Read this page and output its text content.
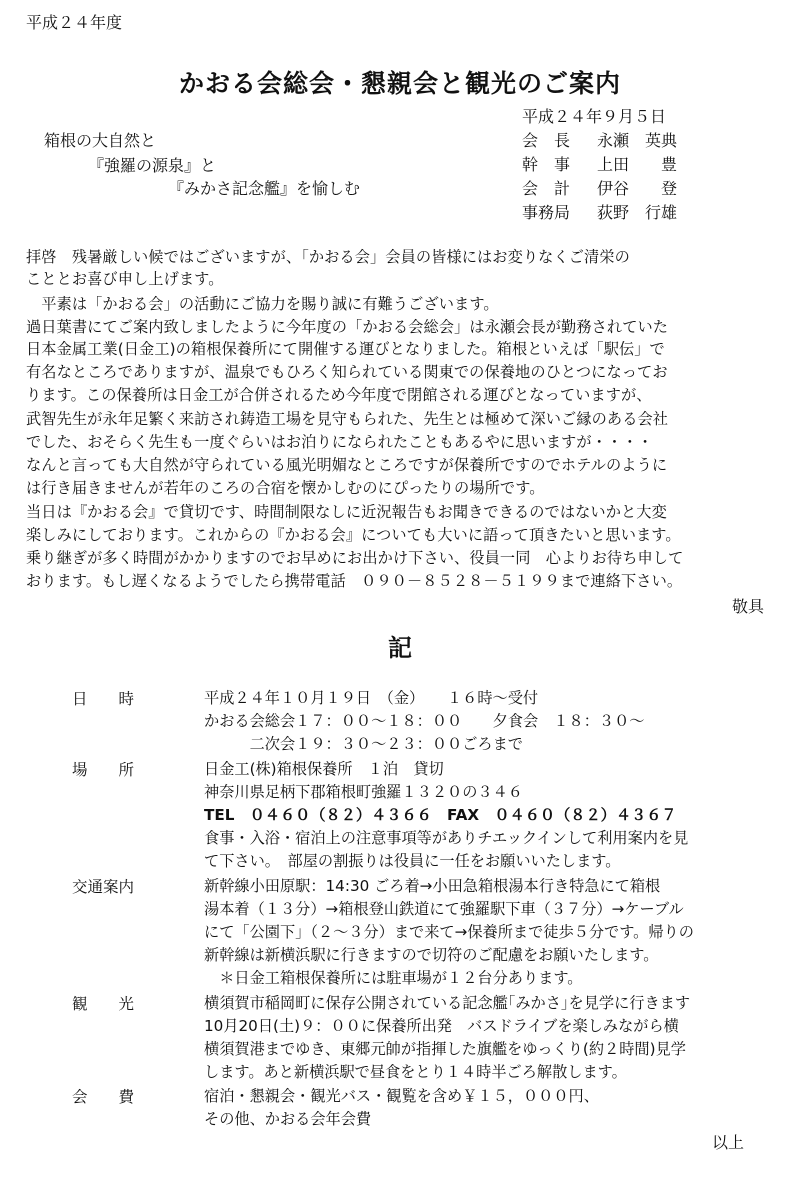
平成２４年度
かおる会総会・懇親会と観光のご案内
箱根の大自然と
『強羅の源泉』と
『みかさ記念艦』を愉しむ
平成２４年９月５日
会　長 永瀬　英典
幹　事 上田　　豊
会　計 伊谷　　登
事務局 荻野　行雄
拝啓　残暑厳しい候ではございますが、「かおる会」会員の皆様にはお変りなくご清栄の
こととお喜び申し上げます。
　平素は「かおる会」の活動にご協力を賜り誠に有難うございます。
過日葉書にてご案内致しましたように今年度の「かおる会総会」は永瀬会長が勤務されていた
日本金属工業(日金工)の箱根保養所にて開催する運びとなりました。箱根といえば「駅伝」で
有名なところでありますが、温泉でもひろく知られている関東での保養地のひとつになってお
ります。この保養所は日金工が合併されるため今年度で閉館される運びとなっていますが、
武智先生が永年足繁く来訪され鋳造工場を見守もられた、先生とは極めて深いご縁のある会社
でした、おそらく先生も一度ぐらいはお泊りになられたこともあるやに思いますが・・・・
なんと言っても大自然が守られている風光明媚なところですが保養所ですのでホテルのように
は行き届きませんが若年のころの合宿を懐かしむのにぴったりの場所です。
当日は『かおる会』で貸切です、時間制限なしに近況報告もお聞きできるのではないかと大変
楽しみにしております。これからの『かおる会』についても大いに語って頂きたいと思います。
乗り継ぎが多く時間がかかりますのでお早めにお出かけ下さい、役員一同　心よりお待ち申して
おります。もし遅くなるようでしたら携帯電話　０９０－８５２８－５１９９まで連絡下さい。
敬具
記
日　　時	平成２４年１０月１９日　（金）　　１６時～受付
かおる会総会１７：００～１８：００　　夕食会　１８：３０～
　　　二次会１９：３０～２３：００ごろまで
場　　所	日金工(株)箱根保養所　１泊　貸切
神奈川県足柄下郡箱根町強羅１３２０の３４６
TEL　０４６０（８２）４３６６　FAX　０４６０（８２）４３６７
食事・入浴・宿泊上の注意事項等がありチエックインして利用案内を見
て下さい。　部屋の割振りは役員に一任をお願いいたします。
交通案内	新幹線小田原駅：14:30 ごろ着→小田急箱根湯本行き特急にて箱根
湯本着（１３分）→箱根登山鉄道にて強羅駅下車（３７分）→ケーブル
にて「公園下」（２～３分）まで来て→保養所まで徒歩５分です。帰りの
新幹線は新横浜駅に行きますので切符のご配慮をお願いたします。
　＊日金工箱根保養所には駐車場が１２台分あります。
観　　光	横須賀市稲岡町に保存公開されている記念艦｢みかさ｣を見学に行きます
10月20日(土)９：００に保養所出発　バスドライブを楽しみながら横
横須賀港までゆき、東郷元帥が指揮した旗艦をゆっくり(約２時間)見学
します。あと新横浜駅で昼食をとり１４時半ごろ解散します。
会　　費	宿泊・懇親会・観光バス・観覧を含め￥１５，０００円、
その他、かおる会年会費
以上
